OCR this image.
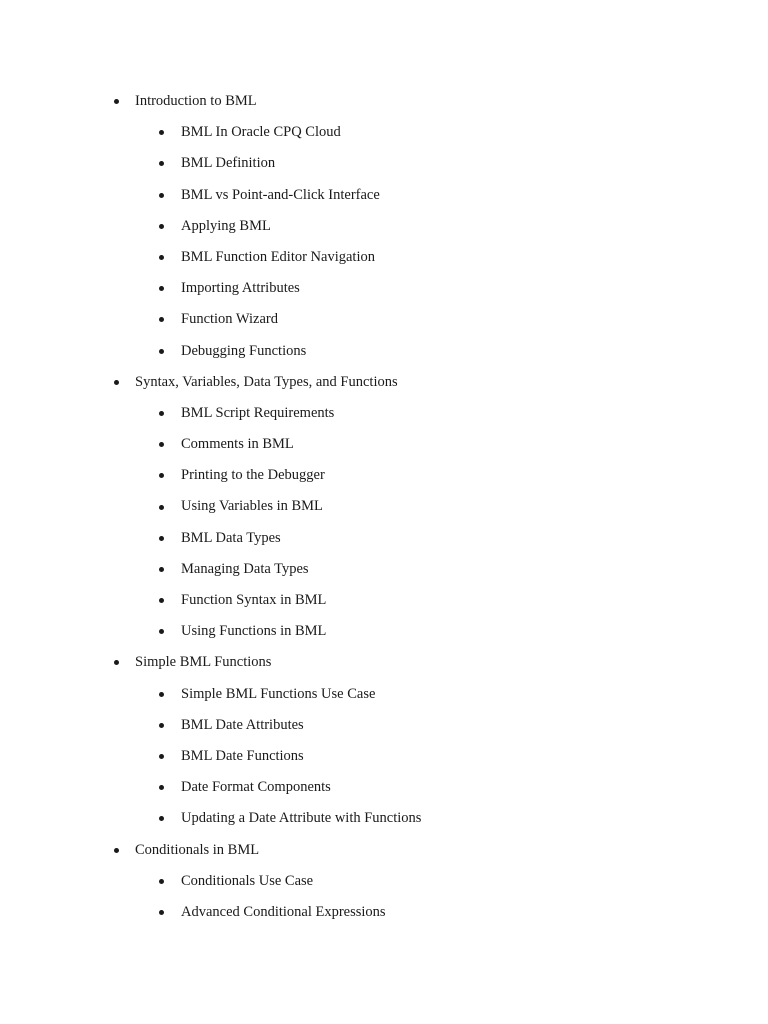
Introduction to BML
BML In Oracle CPQ Cloud
BML Definition
BML vs Point-and-Click Interface
Applying BML
BML Function Editor Navigation
Importing Attributes
Function Wizard
Debugging Functions
Syntax, Variables, Data Types, and Functions
BML Script Requirements
Comments in BML
Printing to the Debugger
Using Variables in BML
BML Data Types
Managing Data Types
Function Syntax in BML
Using Functions in BML
Simple BML Functions
Simple BML Functions Use Case
BML Date Attributes
BML Date Functions
Date Format Components
Updating a Date Attribute with Functions
Conditionals in BML
Conditionals Use Case
Advanced Conditional Expressions
